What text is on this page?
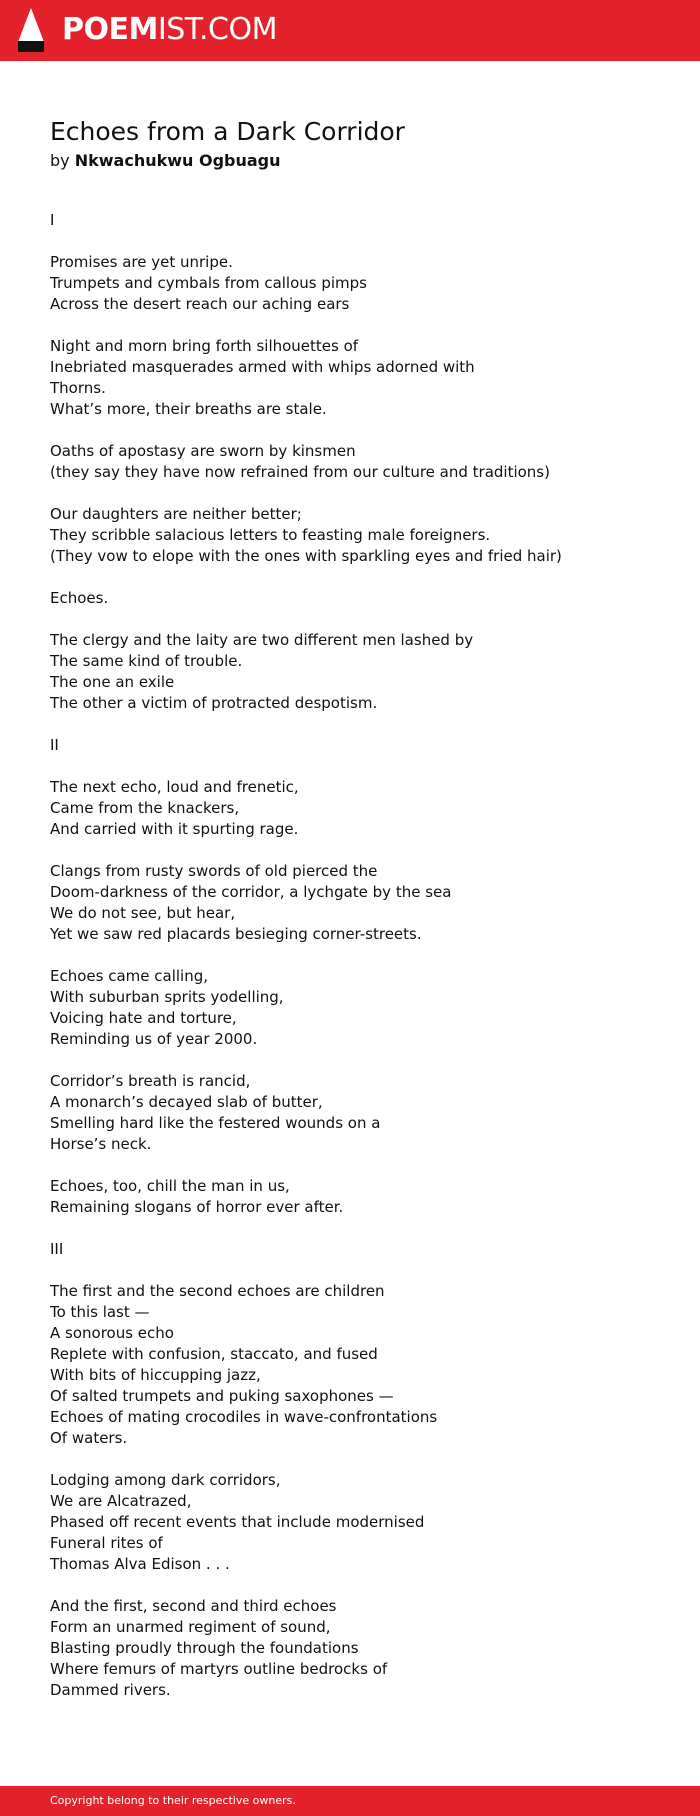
POEMIST.COM
Echoes from a Dark Corridor
by Nkwachukwu Ogbuagu
I
Promises are yet unripe.
Trumpets and cymbals from callous pimps
Across the desert reach our aching ears
Night and morn bring forth silhouettes of
Inebriated masquerades armed with whips adorned with
Thorns.
What’s more, their breaths are stale.
Oaths of apostasy are sworn by kinsmen
(they say they have now refrained from our culture and traditions)
Our daughters are neither better;
They scribble salacious letters to feasting male foreigners.
(They vow to elope with the ones with sparkling eyes and fried hair)
Echoes.
The clergy and the laity are two different men lashed by
The same kind of trouble.
The one an exile
The other a victim of protracted despotism.
II
The next echo, loud and frenetic,
Came from the knackers,
And carried with it spurting rage.
Clangs from rusty swords of old pierced the
Doom-darkness of the corridor, a lychgate by the sea
We do not see, but hear,
Yet we saw red placards besieging corner-streets.
Echoes came calling,
With suburban sprits yodelling,
Voicing hate and torture,
Reminding us of year 2000.
Corridor’s breath is rancid,
A monarch’s decayed slab of butter,
Smelling hard like the festered wounds on a
Horse’s neck.
Echoes, too, chill the man in us,
Remaining slogans of horror ever after.
III
The first and the second echoes are children
To this last —
A sonorous echo
Replete with confusion, staccato, and fused
With bits of hiccupping jazz,
Of salted trumpets and puking saxophones —
Echoes of mating crocodiles in wave-confrontations
Of waters.
Lodging among dark corridors,
We are Alcatrazed,
Phased off recent events that include modernised
Funeral rites of
Thomas Alva Edison . . .
And the first, second and third echoes
Form an unarmed regiment of sound,
Blasting proudly through the foundations
Where femurs of martyrs outline bedrocks of
Dammed rivers.
Copyright belong to their respective owners.
